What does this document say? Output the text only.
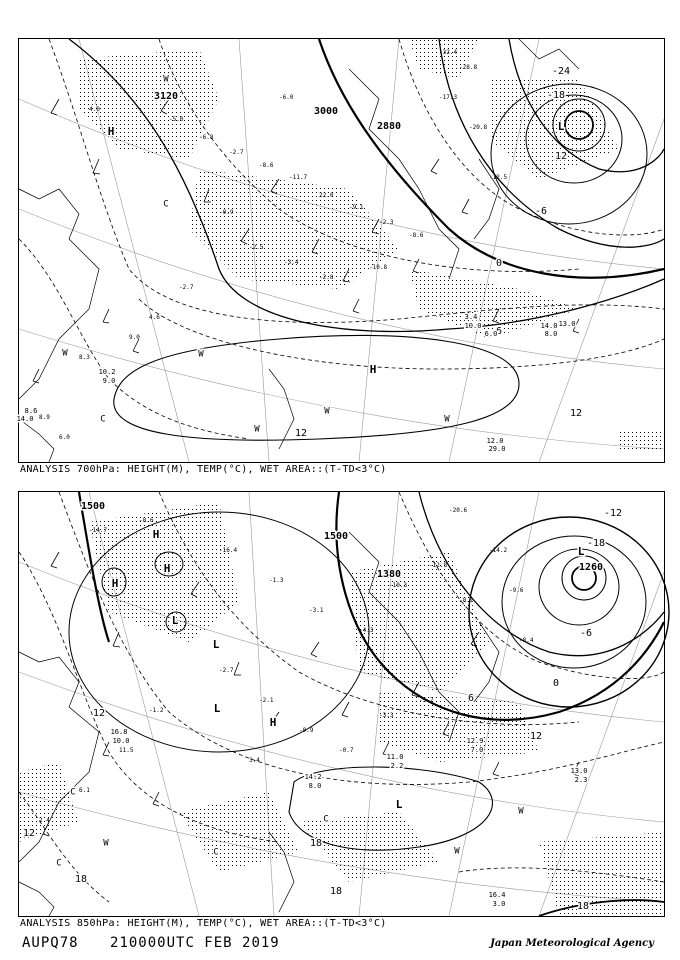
4.0
-5.0
-6.8
-2.7
-8.6
-11.7
22.0
-9.1
-2.3
-0.9
-2.5
-3.4
-2.8
-10.8
-8.6
-17.3
-20.8
-12.5
-2.7
4.6
9.0
8.3
8.9
6.0
-28.8
-32.4
-6.0
3120
3000
2880
-24
-18
12
-6
0
6
12
12
L
H
H
W
W
W
W
W
C
C
W
3.4
10.0
6.0
14.0
8.0
13.0
12.0
29.0
10.2
9.0
8.6
14.0
ANALYSIS 700hPa: HEIGHT(M), TEMP(°C), WET AREA::(T-TD<3°C)
-14.7
-8.6
-16.4
-1.3
-3.1
-4.3
-10.3
-12.8
-8.1
-2.7
-2.1
-0.9
-0.7
-3.3
-5.7
-1.2
11.5
6.1
2.4
-20.6
-14.2
-9.6
-8.4
3.4
1500
1500
1380
1260
-18
-12
-6
0
6
12
18
18
12
18
12
18
L
H
H
H
L
L
L
H
L
W
W
C
C
C
C
W
14.2
8.0
11.0
2.2
12.9
7.0
13.0
2.3
16.4
3.0
16.8
10.0
ANALYSIS 850hPa: HEIGHT(M), TEMP(°C), WET AREA::(T-TD<3°C)
AUPQ78 210000UTC FEB 2019	Japan Meteorological Agency
